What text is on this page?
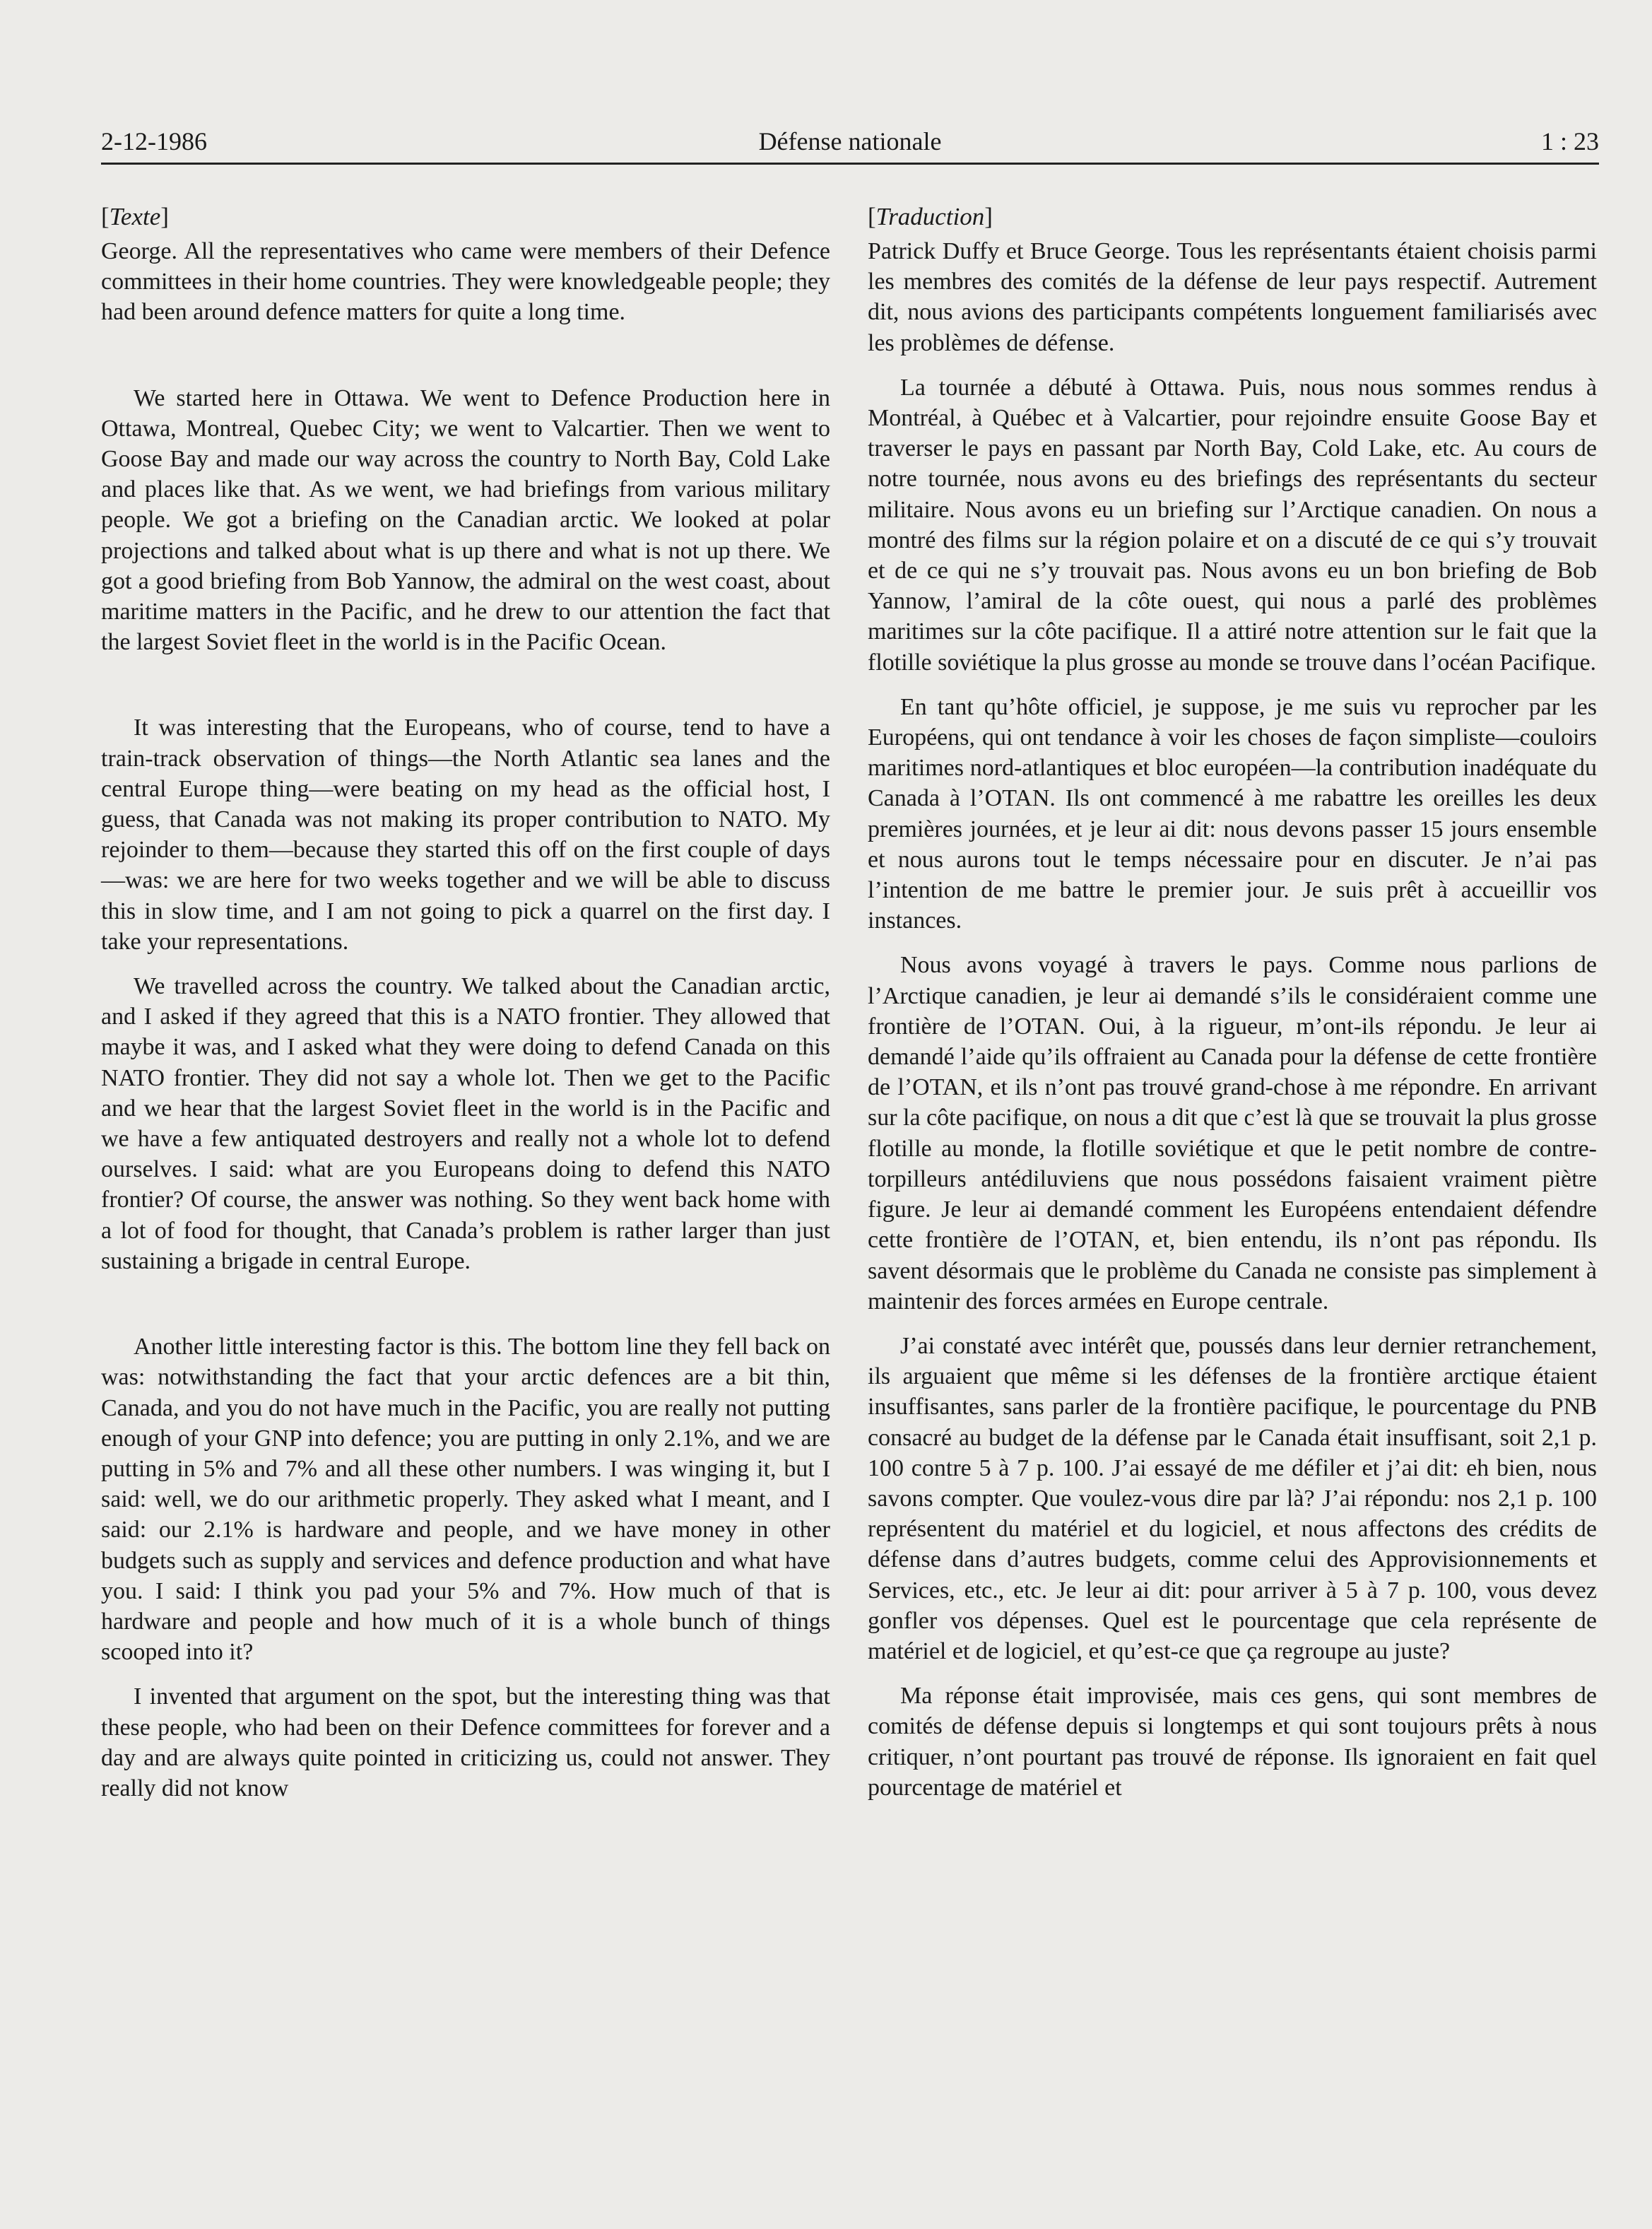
2-12-1986	Défense nationale	1 : 23

[Texte]

George. All the representatives who came were members of their Defence committees in their home countries. They were knowledgeable people; they had been around defence matters for quite a long time.

We started here in Ottawa. We went to Defence Production here in Ottawa, Montreal, Quebec City; we went to Valcartier. Then we went to Goose Bay and made our way across the country to North Bay, Cold Lake and places like that. As we went, we had briefings from various military people. We got a briefing on the Canadian arctic. We looked at polar projections and talked about what is up there and what is not up there. We got a good briefing from Bob Yannow, the admiral on the west coast, about maritime matters in the Pacific, and he drew to our attention the fact that the largest Soviet fleet in the world is in the Pacific Ocean.

It was interesting that the Europeans, who of course, tend to have a train-track observation of things—the North Atlantic sea lanes and the central Europe thing—were beating on my head as the official host, I guess, that Canada was not making its proper contribution to NATO. My rejoinder to them—because they started this off on the first couple of days—was: we are here for two weeks together and we will be able to discuss this in slow time, and I am not going to pick a quarrel on the first day. I take your representations.

We travelled across the country. We talked about the Canadian arctic, and I asked if they agreed that this is a NATO frontier. They allowed that maybe it was, and I asked what they were doing to defend Canada on this NATO frontier. They did not say a whole lot. Then we get to the Pacific and we hear that the largest Soviet fleet in the world is in the Pacific and we have a few antiquated destroyers and really not a whole lot to defend ourselves. I said: what are you Europeans doing to defend this NATO frontier? Of course, the answer was nothing. So they went back home with a lot of food for thought, that Canada’s problem is rather larger than just sustaining a brigade in central Europe.

Another little interesting factor is this. The bottom line they fell back on was: notwithstanding the fact that your arctic defences are a bit thin, Canada, and you do not have much in the Pacific, you are really not putting enough of your GNP into defence; you are putting in only 2.1%, and we are putting in 5% and 7% and all these other numbers. I was winging it, but I said: well, we do our arithmetic properly. They asked what I meant, and I said: our 2.1% is hardware and people, and we have money in other budgets such as supply and services and defence production and what have you. I said: I think you pad your 5% and 7%. How much of that is hardware and people and how much of it is a whole bunch of things scooped into it?

I invented that argument on the spot, but the interesting thing was that these people, who had been on their Defence committees for forever and a day and are always quite pointed in criticizing us, could not answer. They really did not know

[Traduction]

Patrick Duffy et Bruce George. Tous les représentants étaient choisis parmi les membres des comités de la défense de leur pays respectif. Autrement dit, nous avions des participants compétents longuement familiarisés avec les problèmes de défense.

La tournée a débuté à Ottawa. Puis, nous nous sommes rendus à Montréal, à Québec et à Valcartier, pour rejoindre ensuite Goose Bay et traverser le pays en passant par North Bay, Cold Lake, etc. Au cours de notre tournée, nous avons eu des briefings des représentants du secteur militaire. Nous avons eu un briefing sur l’Arctique canadien. On nous a montré des films sur la région polaire et on a discuté de ce qui s’y trouvait et de ce qui ne s’y trouvait pas. Nous avons eu un bon briefing de Bob Yannow, l’amiral de la côte ouest, qui nous a parlé des problèmes maritimes sur la côte pacifique. Il a attiré notre attention sur le fait que la flotille soviétique la plus grosse au monde se trouve dans l’océan Pacifique.

En tant qu’hôte officiel, je suppose, je me suis vu reprocher par les Européens, qui ont tendance à voir les choses de façon simpliste—couloirs maritimes nord-atlantiques et bloc européen—la contribution inadéquate du Canada à l’OTAN. Ils ont commencé à me rabattre les oreilles les deux premières journées, et je leur ai dit: nous devons passer 15 jours ensemble et nous aurons tout le temps nécessaire pour en discuter. Je n’ai pas l’intention de me battre le premier jour. Je suis prêt à accueillir vos instances.

Nous avons voyagé à travers le pays. Comme nous parlions de l’Arctique canadien, je leur ai demandé s’ils le considéraient comme une frontière de l’OTAN. Oui, à la rigueur, m’ont-ils répondu. Je leur ai demandé l’aide qu’ils offraient au Canada pour la défense de cette frontière de l’OTAN, et ils n’ont pas trouvé grand-chose à me répondre. En arrivant sur la côte pacifique, on nous a dit que c’est là que se trouvait la plus grosse flotille au monde, la flotille soviétique et que le petit nombre de contre-torpilleurs antédiluviens que nous possédons faisaient vraiment piètre figure. Je leur ai demandé comment les Européens entendaient défendre cette frontière de l’OTAN, et, bien entendu, ils n’ont pas répondu. Ils savent désormais que le problème du Canada ne consiste pas simplement à maintenir des forces armées en Europe centrale.

J’ai constaté avec intérêt que, poussés dans leur dernier retranchement, ils arguaient que même si les défenses de la frontière arctique étaient insuffisantes, sans parler de la frontière pacifique, le pourcentage du PNB consacré au budget de la défense par le Canada était insuffisant, soit 2,1 p. 100 contre 5 à 7 p. 100. J’ai essayé de me défiler et j’ai dit: eh bien, nous savons compter. Que voulez-vous dire par là? J’ai répondu: nos 2,1 p. 100 représentent du matériel et du logiciel, et nous affectons des crédits de défense dans d’autres budgets, comme celui des Approvisionnements et Services, etc., etc. Je leur ai dit: pour arriver à 5 à 7 p. 100, vous devez gonfler vos dépenses. Quel est le pourcentage que cela représente de matériel et de logiciel, et qu’est-ce que ça regroupe au juste?

Ma réponse était improvisée, mais ces gens, qui sont membres de comités de défense depuis si longtemps et qui sont toujours prêts à nous critiquer, n’ont pourtant pas trouvé de réponse. Ils ignoraient en fait quel pourcentage de matériel et
